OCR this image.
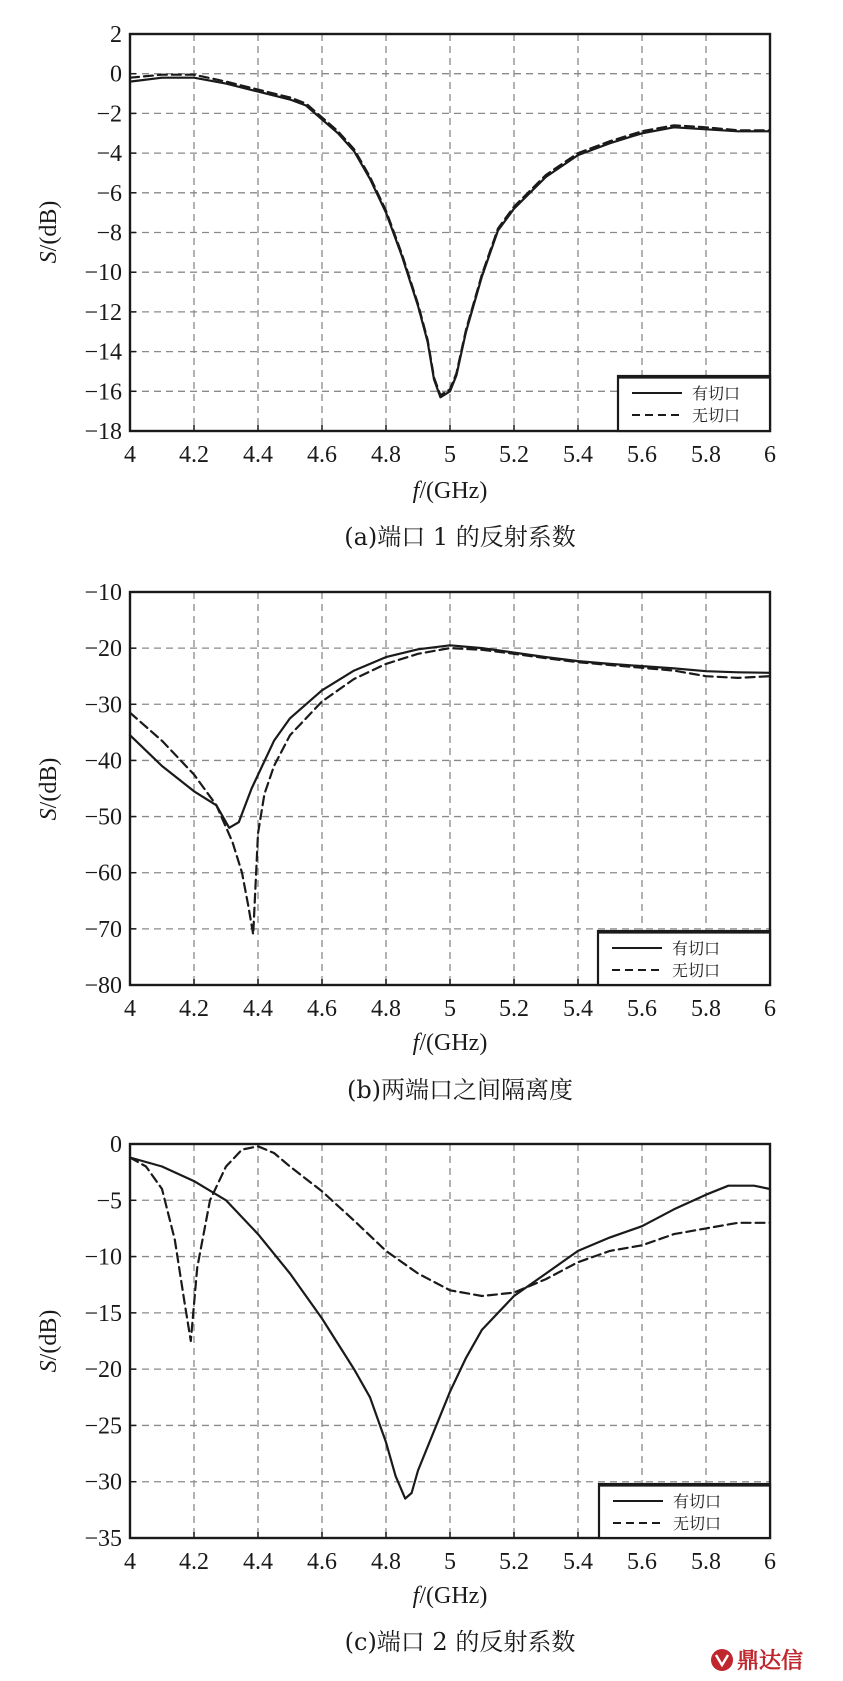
4 4.2 4.4 4.6 4.8 5 5.2 5.4 5.6 5.8 6
2
0
−2
−4
−6
−8
−10
−12
−14
−16
−18
f/(GHz)
S/(dB)
(a)端口 1 的反射系数
有切口
无切口
4 4.2 4.4 4.6 4.8 5 5.2 5.4 5.6 5.8 6
−10
−20
−30
−40
−50
−60
−70
−80
f/(GHz)
S/(dB)
(b)两端口之间隔离度
有切口
无切口
4 4.2 4.4 4.6 4.8 5 5.2 5.4 5.6 5.8 6
0
−5
−10
−15
−20
−25
−30
−35
f/(GHz)
S/(dB)
(c)端口 2 的反射系数
有切口
无切口
鼎达信
